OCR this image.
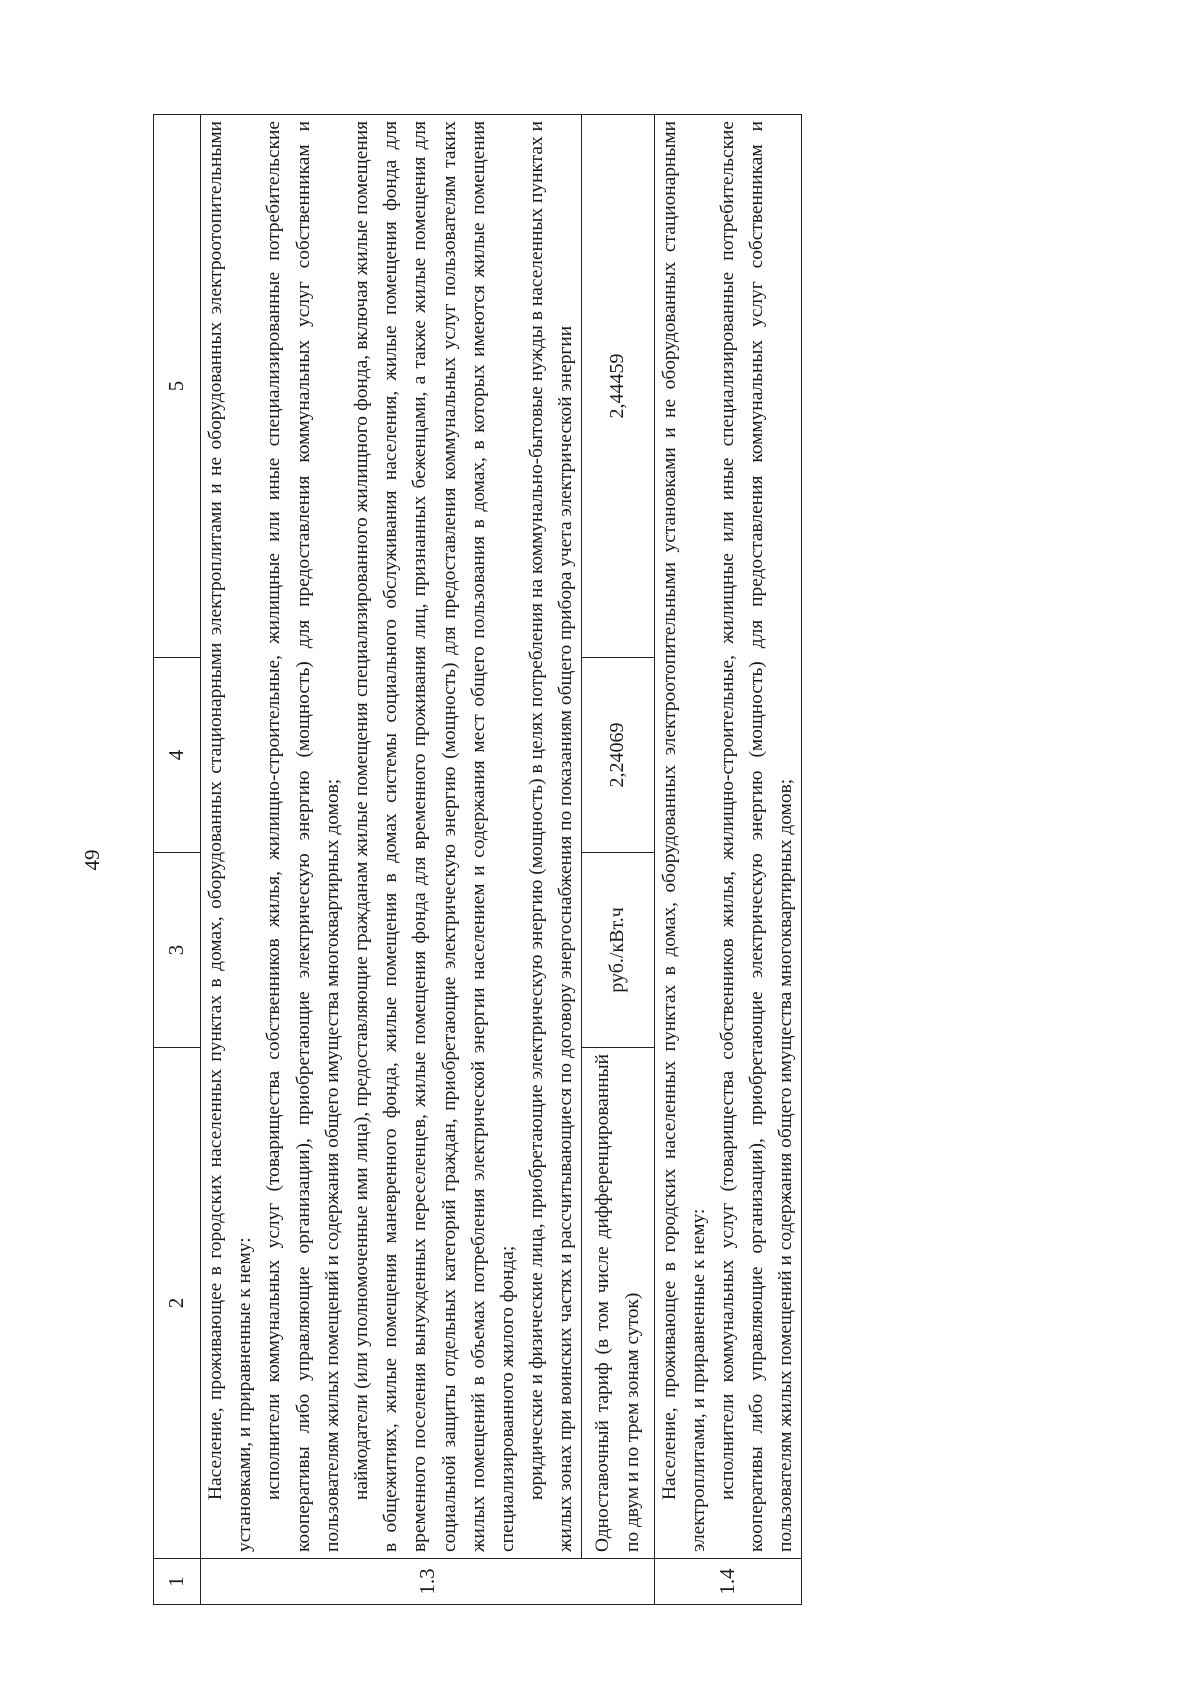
49
1	2	3	4	5
1.3	Население, проживающее в городских населенных пунктах в домах, оборудованных стационарными электроплитами и не оборудованных электроотопительными установками, и приравненные к нему: исполнители коммунальных услуг (товарищества собственников жилья, жилищно-строительные, жилищные или иные специализированные потребительские кооперативы либо управляющие организации), приобретающие электрическую энергию (мощность) для предоставления коммунальных услуг собственникам и пользователям жилых помещений и содержания общего имущества многоквартирных домов; наймодатели (или уполномоченные ими лица), предоставляющие гражданам жилые помещения специализированного жилищного фонда, включая жилые помещения в общежитиях, жилые помещения маневренного фонда, жилые помещения в домах системы социального обслуживания населения, жилые помещения фонда для временного поселения вынужденных переселенцев, жилые помещения фонда для временного проживания лиц, признанных беженцами, а также жилые помещения для социальной защиты отдельных категорий граждан, приобретающие электрическую энергию (мощность) для предоставления коммунальных услуг пользователям таких жилых помещений в объемах потребления электрической энергии населением и содержания мест общего пользования в домах, в которых имеются жилые помещения специализированного жилого фонда; юридические и физические лица, приобретающие электрическую энергию (мощность) в целях потребления на коммунально-бытовые нужды в населенных пунктах и жилых зонах при воинских частях и рассчитывающиеся по договору энергоснабжения по показаниям общего прибора учета электрической энергии			

	Одноставочный тариф (в том числе дифференцированный по двум и по трем зонам суток)	руб./кВт.ч	2,24069	2,44459
1.4	Население, проживающее в городских населенных пунктах в домах, оборудованных электроотопительными установками и не оборудованных стационарными электроплитами, и приравненные к нему: исполнители коммунальных услуг (товарищества собственников жилья, жилищно-строительные, жилищные или иные специализированные потребительские кооперативы либо управляющие организации), приобретающие электрическую энергию (мощность) для предоставления коммунальных услуг собственникам и пользователям жилых помещений и содержания общего имущества многоквартирных домов;			
